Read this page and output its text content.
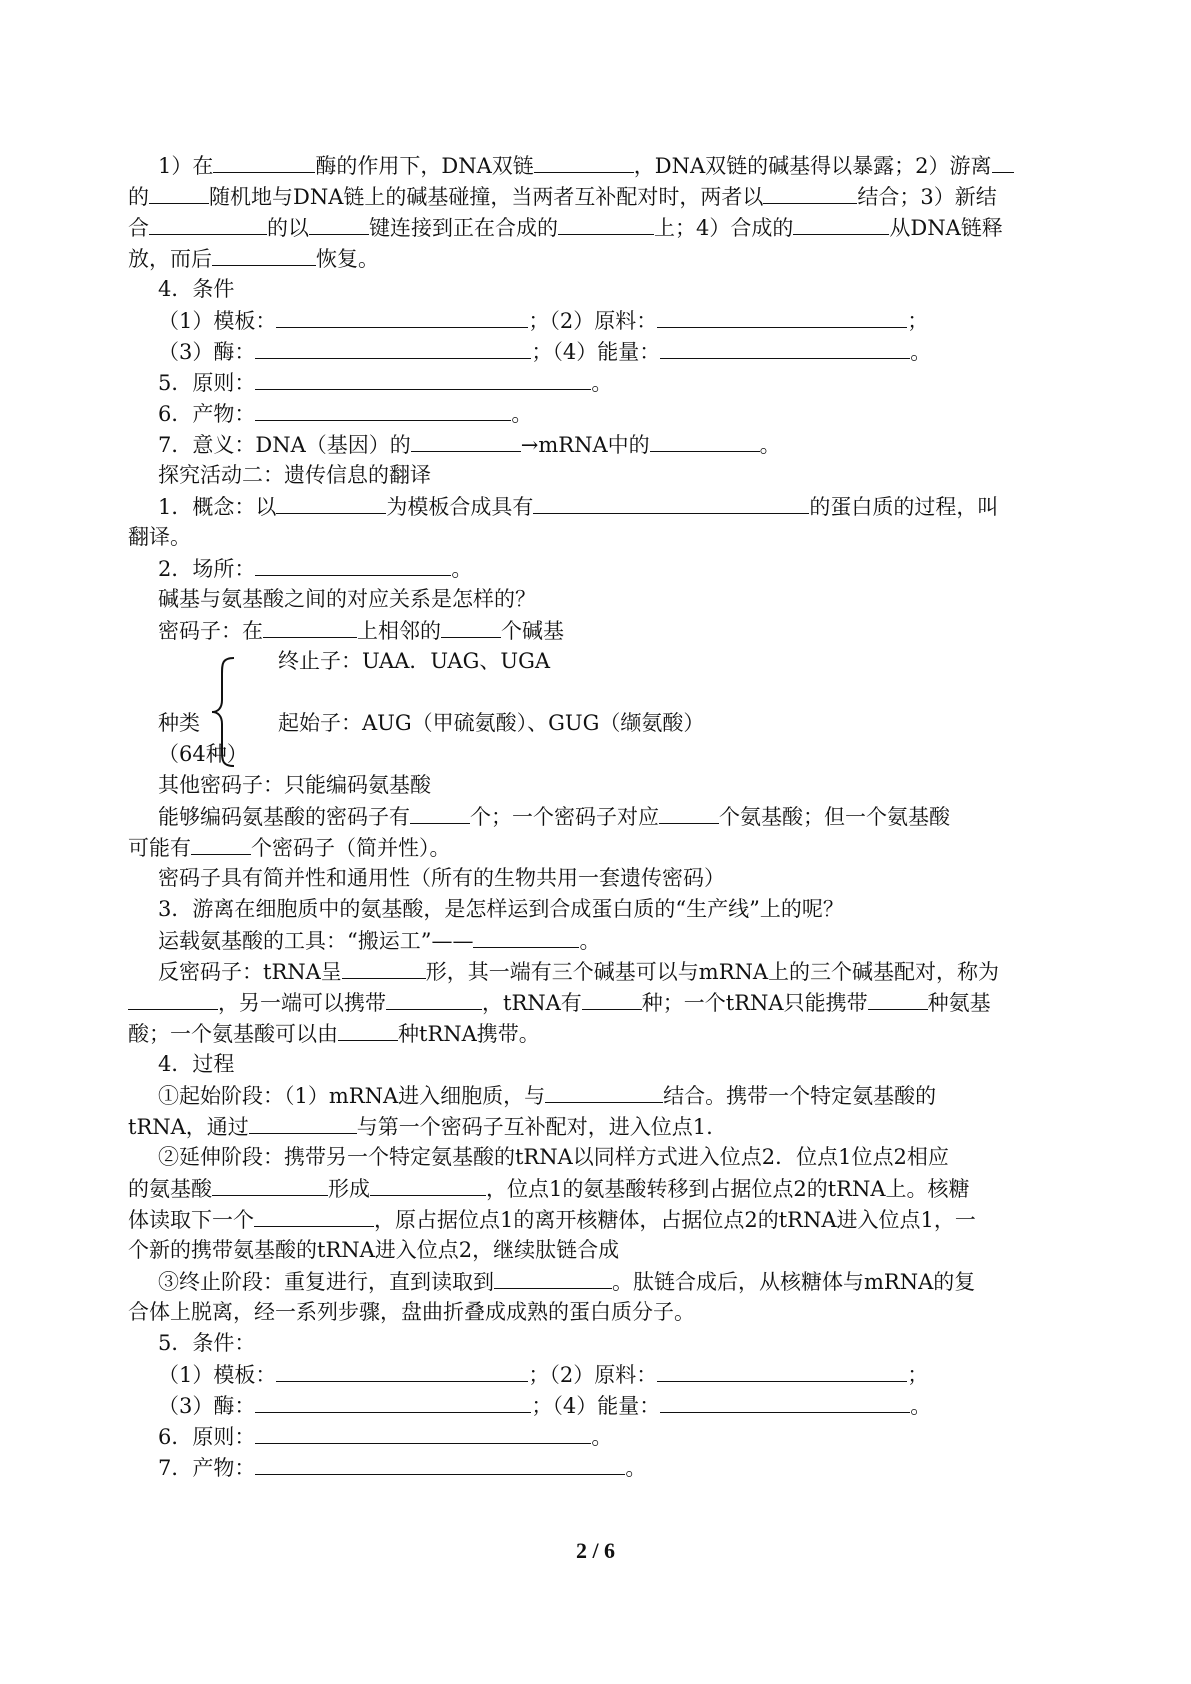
1）在	酶的作用下，DNA双链	，DNA双链的碱基得以暴露；2）游离
的	随机地与DNA链上的碱基碰撞，当两者互补配对时，两者以	结合；3）新结
合	的以	键连接到正在合成的	上；4）合成的	从DNA链释
放，而后	恢复。
4．条件
（1）模板：	；（2）原料：	；
（3）酶：	；（4）能量：	。
5．原则：	。
6．产物：	。
7．意义：DNA（基因）的	→mRNA中的	。
探究活动二：遗传信息的翻译
1．概念：以	为模板合成具有	的蛋白质的过程，叫
翻译。
2．场所：	。
碱基与氨基酸之间的对应关系是怎样的？
密码子：在	上相邻的	个碱基
终止子：UAA．UAG、UGA
种类	起始子：AUG（甲硫氨酸）、GUG（缬氨酸）
（64种）
其他密码子：只能编码氨基酸
能够编码氨基酸的密码子有	个；一个密码子对应	个氨基酸；但一个氨基酸
可能有	个密码子（简并性）。
密码子具有简并性和通用性（所有的生物共用一套遗传密码）
3．游离在细胞质中的氨基酸，是怎样运到合成蛋白质的“生产线”上的呢？
运载氨基酸的工具：“搬运工”——	。
反密码子：tRNA呈	形，其一端有三个碱基可以与mRNA上的三个碱基配对，称为
，另一端可以携带	，tRNA有	种；一个tRNA只能携带	种氨基
酸；一个氨基酸可以由	种tRNA携带。
4．过程
①起始阶段：（1）mRNA进入细胞质，与	结合。携带一个特定氨基酸的
tRNA，通过	与第一个密码子互补配对，进入位点1.
②延伸阶段：携带另一个特定氨基酸的tRNA以同样方式进入位点2．位点1位点2相应
的氨基酸	形成	，位点1的氨基酸转移到占据位点2的tRNA上。核糖
体读取下一个	，原占据位点1的离开核糖体，占据位点2的tRNA进入位点1，一
个新的携带氨基酸的tRNA进入位点2，继续肽链合成
③终止阶段：重复进行，直到读取到	。肽链合成后，从核糖体与mRNA的复
合体上脱离，经一系列步骤，盘曲折叠成成熟的蛋白质分子。
5．条件：
（1）模板：	；（2）原料：	；
（3）酶：	；（4）能量：	。
6．原则：	。
7．产物：	。
2 / 6
